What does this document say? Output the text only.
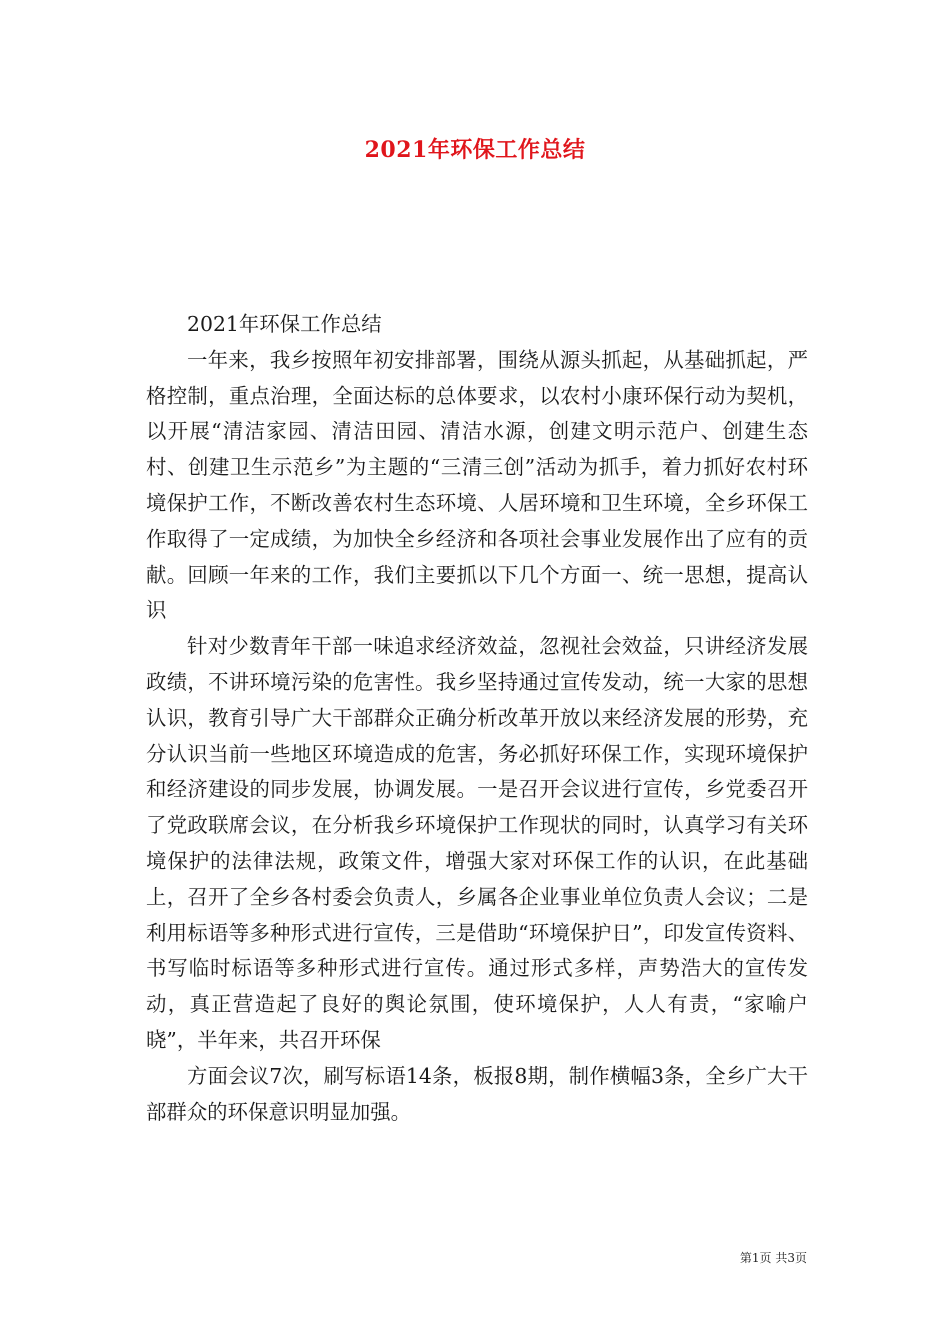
2021年环保工作总结

2021年环保工作总结

一年来，我乡按照年初安排部署，围绕从源头抓起，从基础抓起，严格控制，重点治理，全面达标的总体要求，以农村小康环保行动为契机，以开展“清洁家园、清洁田园、清洁水源，创建文明示范户、创建生态村、创建卫生示范乡”为主题的“三清三创”活动为抓手，着力抓好农村环境保护工作，不断改善农村生态环境、人居环境和卫生环境，全乡环保工作取得了一定成绩，为加快全乡经济和各项社会事业发展作出了应有的贡献。回顾一年来的工作，我们主要抓以下几个方面一、统一思想，提高认识

针对少数青年干部一味追求经济效益，忽视社会效益，只讲经济发展政绩，不讲环境污染的危害性。我乡坚持通过宣传发动，统一大家的思想认识，教育引导广大干部群众正确分析改革开放以来经济发展的形势，充分认识当前一些地区环境造成的危害，务必抓好环保工作，实现环境保护和经济建设的同步发展，协调发展。一是召开会议进行宣传，乡党委召开了党政联席会议，在分析我乡环境保护工作现状的同时，认真学习有关环境保护的法律法规，政策文件，增强大家对环保工作的认识，在此基础上，召开了全乡各村委会负责人，乡属各企业事业单位负责人会议；二是利用标语等多种形式进行宣传，三是借助“环境保护日”，印发宣传资料、书写临时标语等多种形式进行宣传。通过形式多样，声势浩大的宣传发动，真正营造起了良好的舆论氛围，使环境保护，人人有责，“家喻户晓”，半年来，共召开环保

方面会议7次，刷写标语14条，板报8期，制作横幅3条，全乡广大干部群众的环保意识明显加强。

第1页 共3页
